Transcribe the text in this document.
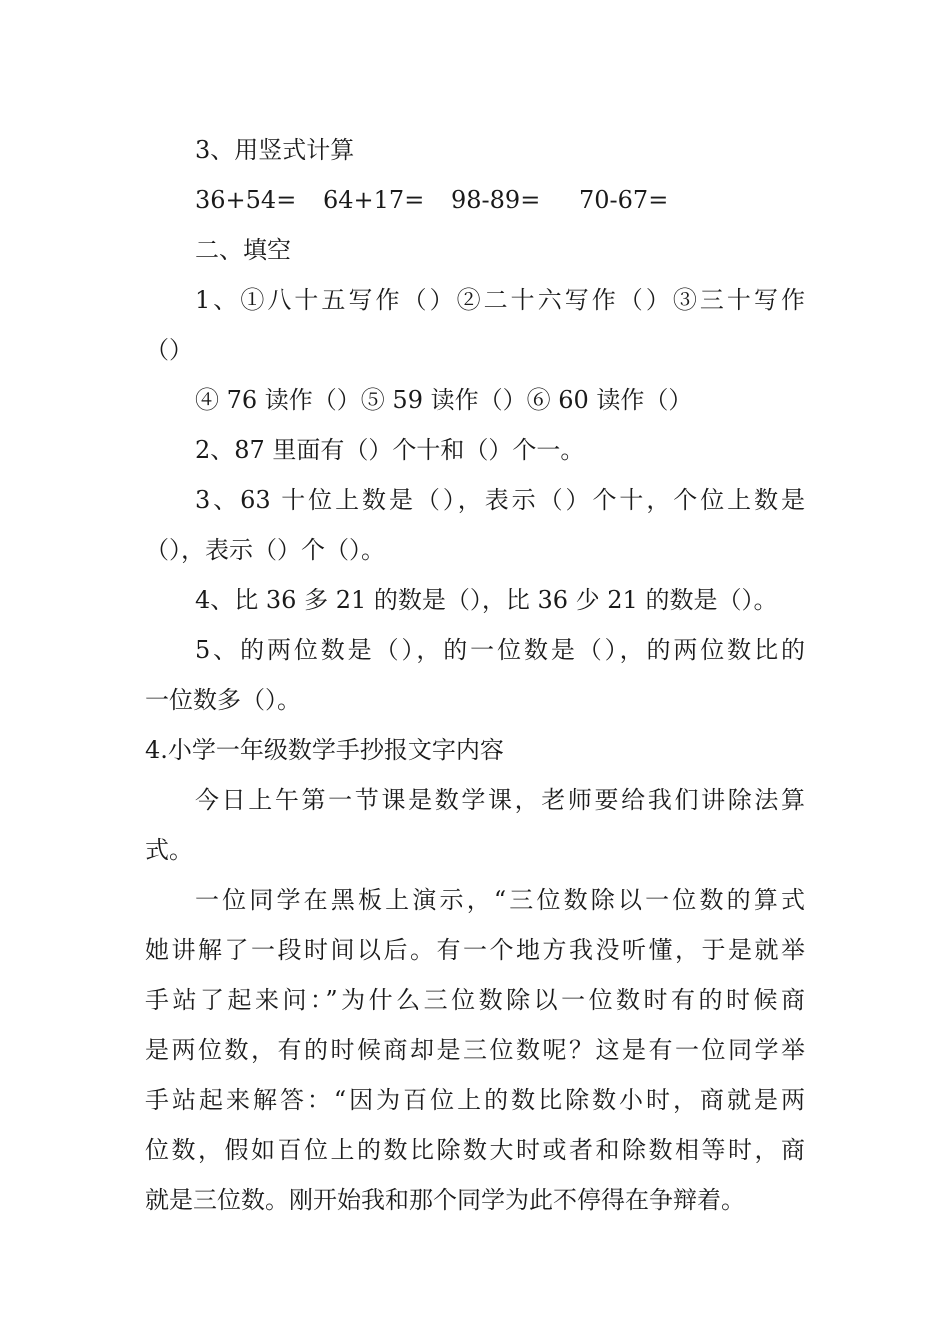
3、用竖式计算
36+54= 64+17= 98-89= 70-67=
二、填空
1、①八十五写作（）②二十六写作（）③三十写作
（）
④ 76 读作（）⑤ 59 读作（）⑥ 60 读作（）
2、87 里面有（）个十和（）个一。
3、63 十位上数是（），表示（）个十，个位上数是
（），表示（）个（）。
4、比 36 多 21 的数是（），比 36 少 21 的数是（）。
5、的两位数是（），的一位数是（），的两位数比的
一位数多（）。
4.小学一年级数学手抄报文字内容
今日上午第一节课是数学课，老师要给我们讲除法算
式。
一位同学在黑板上演示，“三位数除以一位数的算式
她讲解了一段时间以后。有一个地方我没听懂，于是就举
手站了起来问：”为什么三位数除以一位数时有的时候商
是两位数，有的时候商却是三位数呢？这是有一位同学举
手站起来解答：“因为百位上的数比除数小时，商就是两
位数，假如百位上的数比除数大时或者和除数相等时，商
就是三位数。刚开始我和那个同学为此不停得在争辩着。
